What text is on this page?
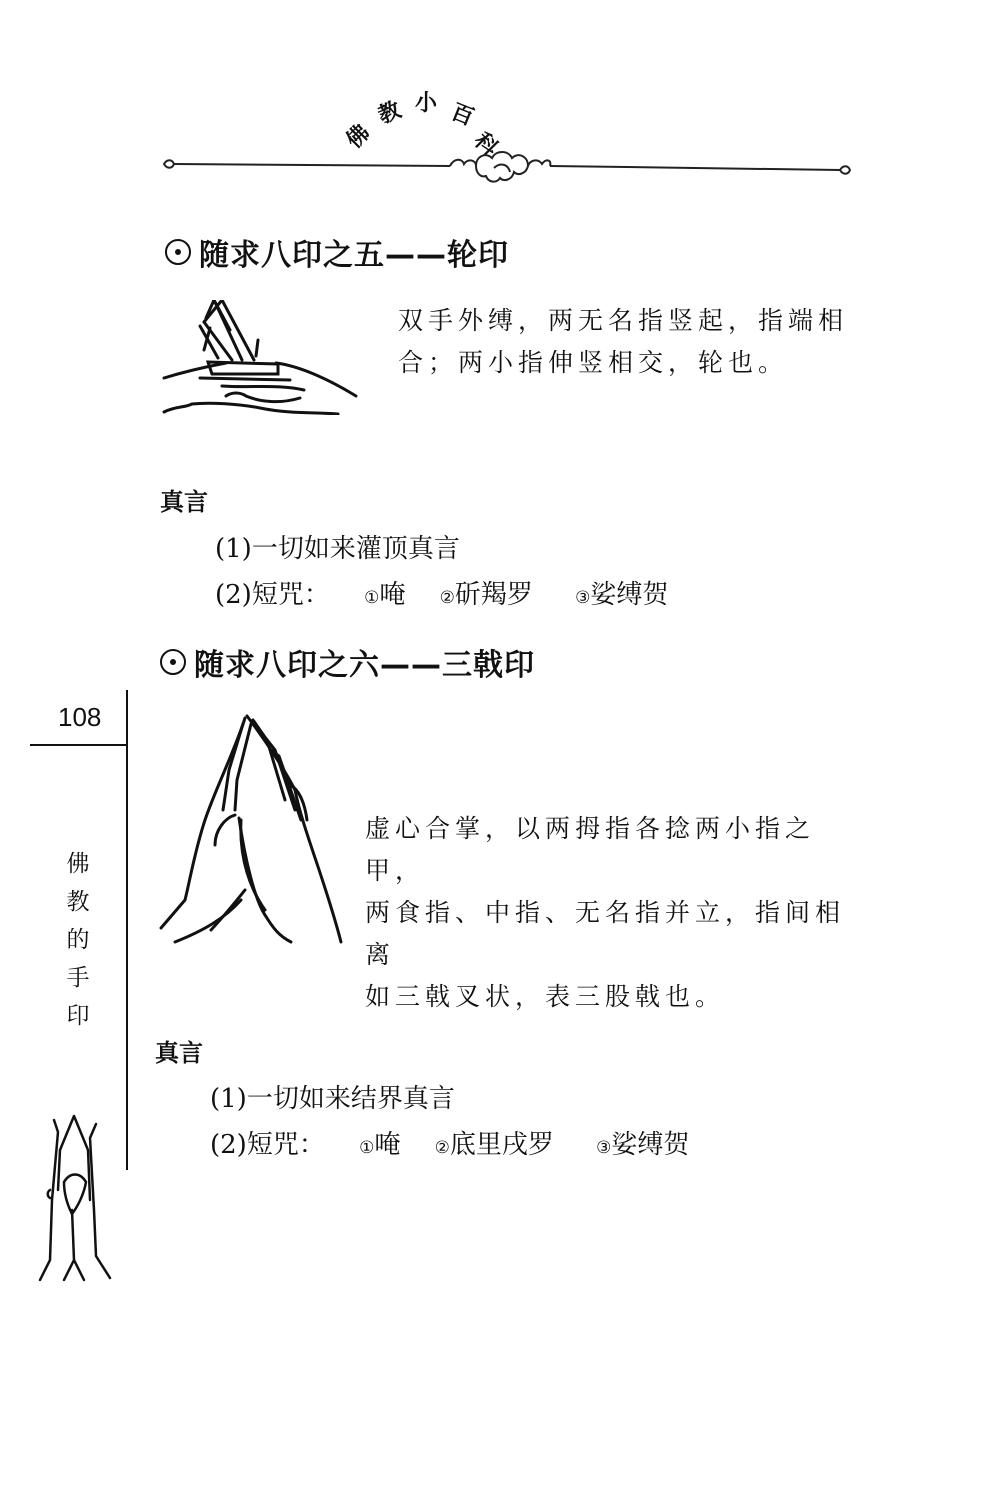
佛
教 小 百
科
随求八印之五——轮印
双手外缚，两无名指竖起，指端相
合；两小指伸竖相交，轮也。
真言
(1)一切如来灌顶真言
(2)短咒： ①唵 ②斫羯罗 ③娑缚贺
随求八印之六——三戟印
虚心合掌，以两拇指各捻两小指之甲，
两食指、中指、无名指并立，指间相离
如三戟叉状，表三股戟也。
真言
(1)一切如来结界真言
(2)短咒： ①唵 ②底里戌罗 ③娑缚贺
108
佛
教
的
手
印
